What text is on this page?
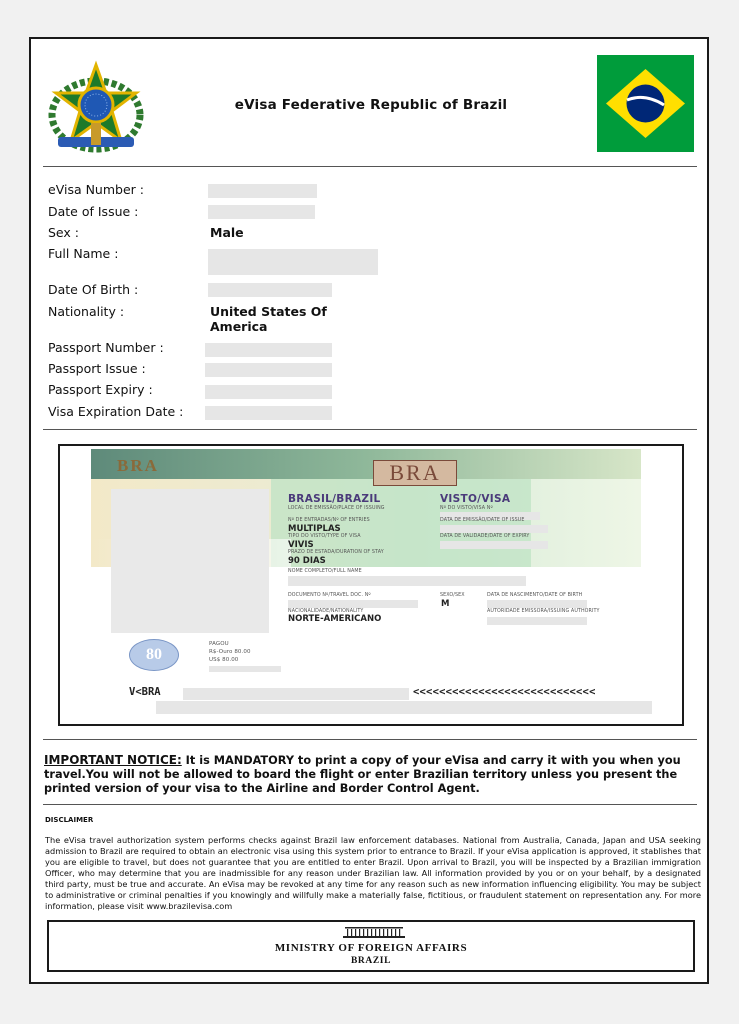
eVisa Federative Republic of Brazil
eVisa Number :
Date of Issue :
Sex :	Male
Full Name :
Date Of Birth :
Nationality :	United States Of
America
Passport Number :
Passport Issue :
Passport Expiry :
Visa Expiration Date :
BRA	BRA
BRASIL/BRAZIL	VISTO/VISA
LOCAL DE EMISSÃO/PLACE OF ISSUING	Nº DO VISTO/VISA Nº
Nº DE ENTRADAS/Nº OF ENTRIES
MULTIPLAS
DATA DE EMISSÃO/DATE OF ISSUE
TIPO DO VISTO/TYPE OF VISA
VIVIS
DATA DE VALIDADE/DATE OF EXPIRY
PRAZO DE ESTADA/DURATION OF STAY
90 DIAS
NOME COMPLETO/FULL NAME
DOCUMENTO Nº/TRAVEL DOC. Nº	SEXO/SEX
M
DATA DE NASCIMENTO/DATE OF BIRTH
NACIONALIDADE/NATIONALITY
NORTE-AMERICANO
AUTORIDADE EMISSORA/ISSUING AUTHORITY
PAGOU
R$-Ouro 80.00
US$ 80.00
80
V<BRA	<<<<<<<<<<<<<<<<<<<<<<<<<<<<
IMPORTANT NOTICE: It is MANDATORY to print a copy of your eVisa and carry it with you when you travel.You will not be allowed to board the flight or enter Brazilian territory unless you present the printed version of your visa to the Airline and Border Control Agent.
DISCLAIMER
The eVisa travel authorization system performs checks against Brazil law enforcement databases. National from Australia, Canada, Japan and USA seeking admission to Brazil are required to obtain an electronic visa using this system prior to entrance to Brazil. If your eVisa application is approved, it stablishes that you are eligible to travel, but does not guarantee that you are entitled to enter Brazil. Upon arrival to Brazil, you will be inspected by a Brazilian immigration Officer, who may determine that you are inadmissible for any reason under Brazilian law. All information provided by you or on your behalf, by a designated third party, must be true and accurate. An eVisa may be revoked at any time for any reason such as new information influencing eligibility. You may be subject to administrative or criminal penalties if you knowingly and willfully make a materially false, fictitious, or fraudulent statement on representation any. For more information, please visit www.brazilevisa.com
MINISTRY OF FOREIGN AFFAIRS
BRAZIL
